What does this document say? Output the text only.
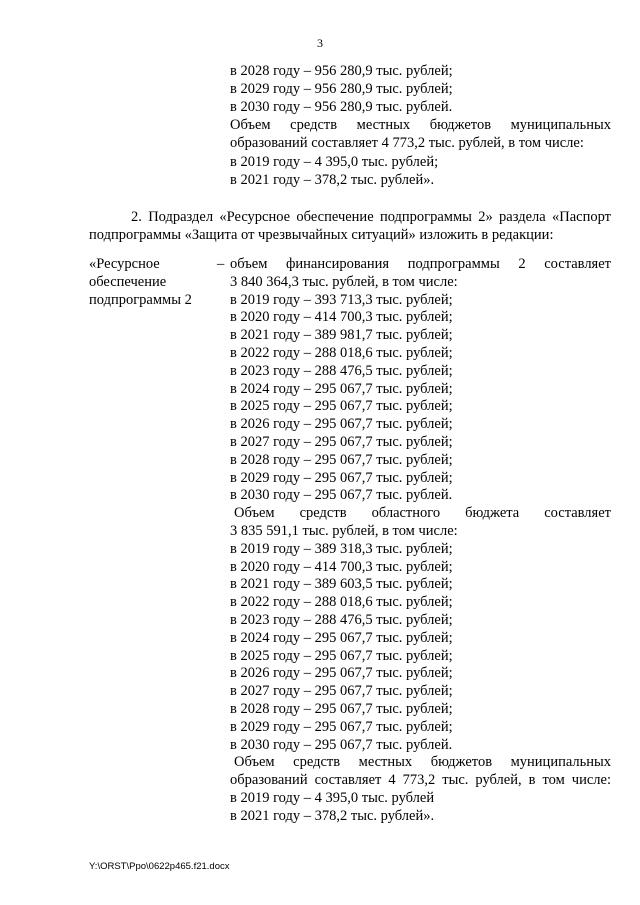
3
в 2028 году – 956 280,9 тыс. рублей;
в 2029 году – 956 280,9 тыс. рублей;
в 2030 году – 956 280,9 тыс. рублей.
Объем средств местных бюджетов муниципальных
образований составляет 4 773,2 тыс. рублей, в том числе:
в 2019 году – 4 395,0 тыс. рублей;
в 2021 году – 378,2 тыс. рублей».
2. Подраздел «Ресурсное обеспечение подпрограммы 2» раздела «Паспорт
подпрограммы «Защита от чрезвычайных ситуаций» изложить в редакции:
«Ресурсное
обеспечение
подпрограммы 2
– объем финансирования подпрограммы 2 составляет
3 840 364,3 тыс. рублей, в том числе:
в 2019 году – 393 713,3 тыс. рублей;
в 2020 году – 414 700,3 тыс. рублей;
в 2021 году – 389 981,7 тыс. рублей;
в 2022 году – 288 018,6 тыс. рублей;
в 2023 году – 288 476,5 тыс. рублей;
в 2024 году – 295 067,7 тыс. рублей;
в 2025 году – 295 067,7 тыс. рублей;
в 2026 году – 295 067,7 тыс. рублей;
в 2027 году – 295 067,7 тыс. рублей;
в 2028 году – 295 067,7 тыс. рублей;
в 2029 году – 295 067,7 тыс. рублей;
в 2030 году – 295 067,7 тыс. рублей.
Объем средств областного бюджета составляет
3 835 591,1 тыс. рублей, в том числе:
в 2019 году – 389 318,3 тыс. рублей;
в 2020 году – 414 700,3 тыс. рублей;
в 2021 году – 389 603,5 тыс. рублей;
в 2022 году – 288 018,6 тыс. рублей;
в 2023 году – 288 476,5 тыс. рублей;
в 2024 году – 295 067,7 тыс. рублей;
в 2025 году – 295 067,7 тыс. рублей;
в 2026 году – 295 067,7 тыс. рублей;
в 2027 году – 295 067,7 тыс. рублей;
в 2028 году – 295 067,7 тыс. рублей;
в 2029 году – 295 067,7 тыс. рублей;
в 2030 году – 295 067,7 тыс. рублей.
Объем средств местных бюджетов муниципальных
образований составляет 4 773,2 тыс. рублей, в том числе:
в 2019 году – 4 395,0 тыс. рублей
в 2021 году – 378,2 тыс. рублей».
Y:\ORST\Ppo\0622p465.f21.docx
